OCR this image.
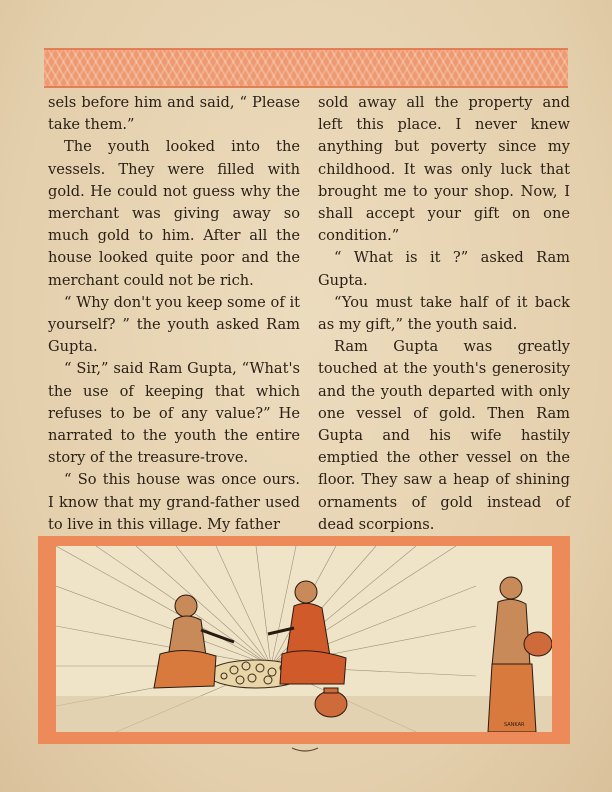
sels before him and said, “ Please take them.”

The youth looked into the vessels. They were filled with gold. He could not guess why the merchant was giving away so much gold to him. After all the house looked quite poor and the merchant could not be rich.

“ Why don't you keep some of it yourself? ” the youth asked Ram Gupta.

“ Sir,” said Ram Gupta, “What's the use of keeping that which refuses to be of any value?” He narrated to the youth the entire story of the treasure-trove.

“ So this house was once ours. I know that my grand-father used to live in this village. My father

sold away all the property and left this place. I never knew anything but poverty since my childhood. It was only luck that brought me to your shop. Now, I shall accept your gift on one condition.”

“ What is it ?” asked Ram Gupta.

“You must take half of it back as my gift,” the youth said.

Ram Gupta was greatly touched at the youth's generosity and the youth departed with only one vessel of gold. Then Ram Gupta and his wife hastily emptied the other vessel on the floor. They saw a heap of shining ornaments of gold instead of dead scorpions.

SANKAR
